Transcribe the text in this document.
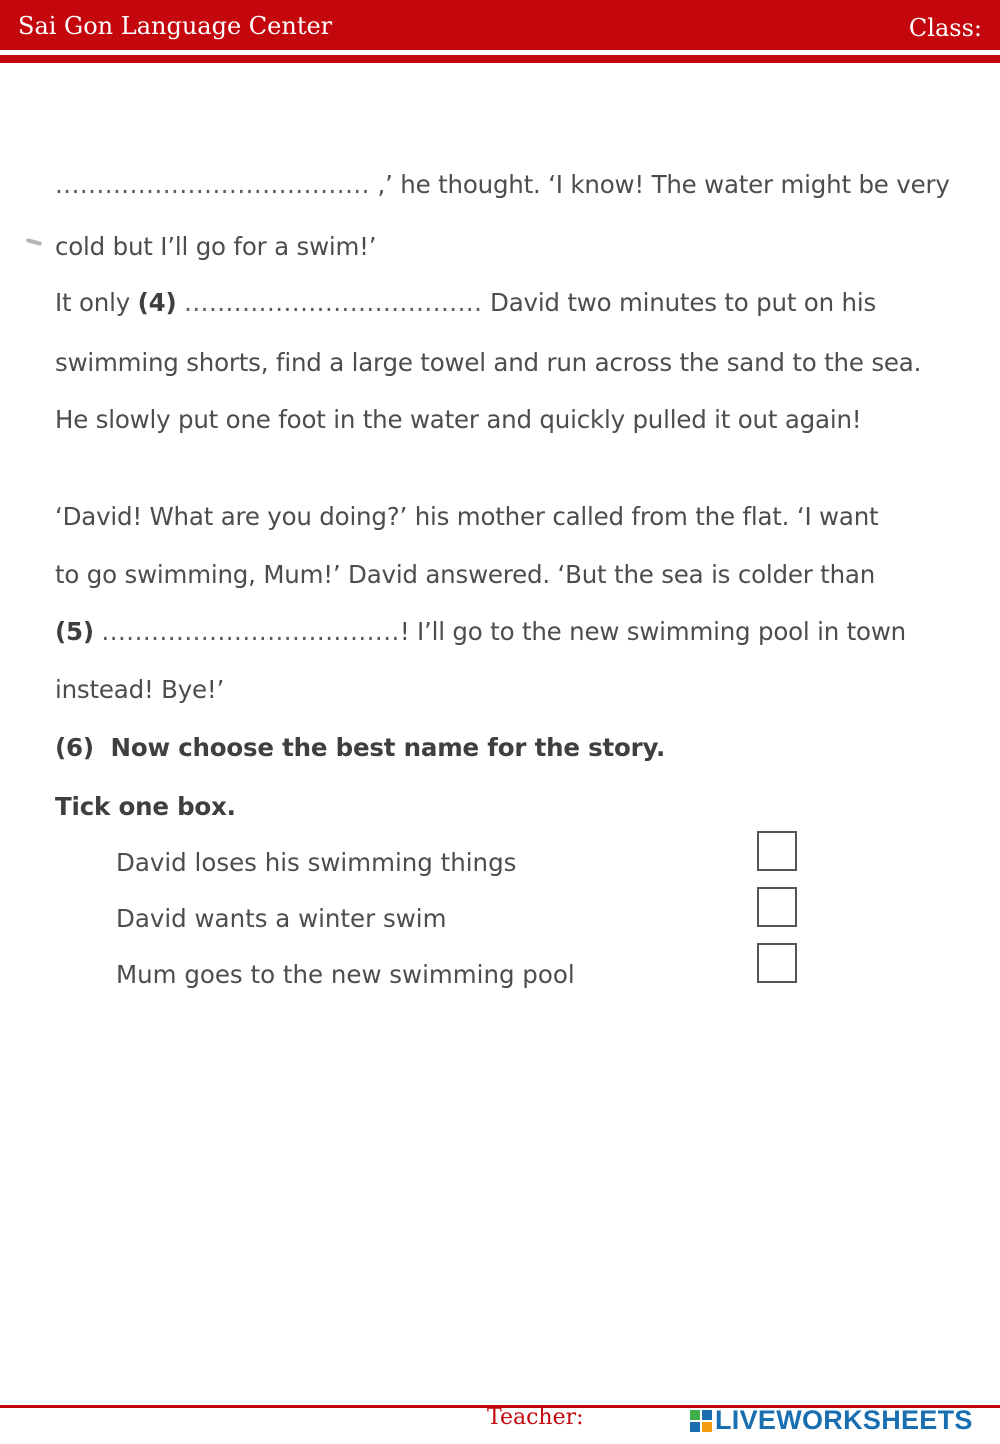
Sai Gon Language Center	Class:
...................................... ,’ he thought. ‘I know! The water might be very
cold but I’ll go for a swim!’
It only (4) .................................... David two minutes to put on his
swimming shorts, find a large towel and run across the sand to the sea.
He slowly put one foot in the water and quickly pulled it out again!
‘David! What are you doing?’ his mother called from the flat. ‘I want
to go swimming, Mum!’ David answered. ‘But the sea is colder than
(5) ....................................! I’ll go to the new swimming pool in town
instead! Bye!’
(6) Now choose the best name for the story.
Tick one box.
David loses his swimming things
David wants a winter swim
Mum goes to the new swimming pool
Teacher:	LIVEWORKSHEETS
